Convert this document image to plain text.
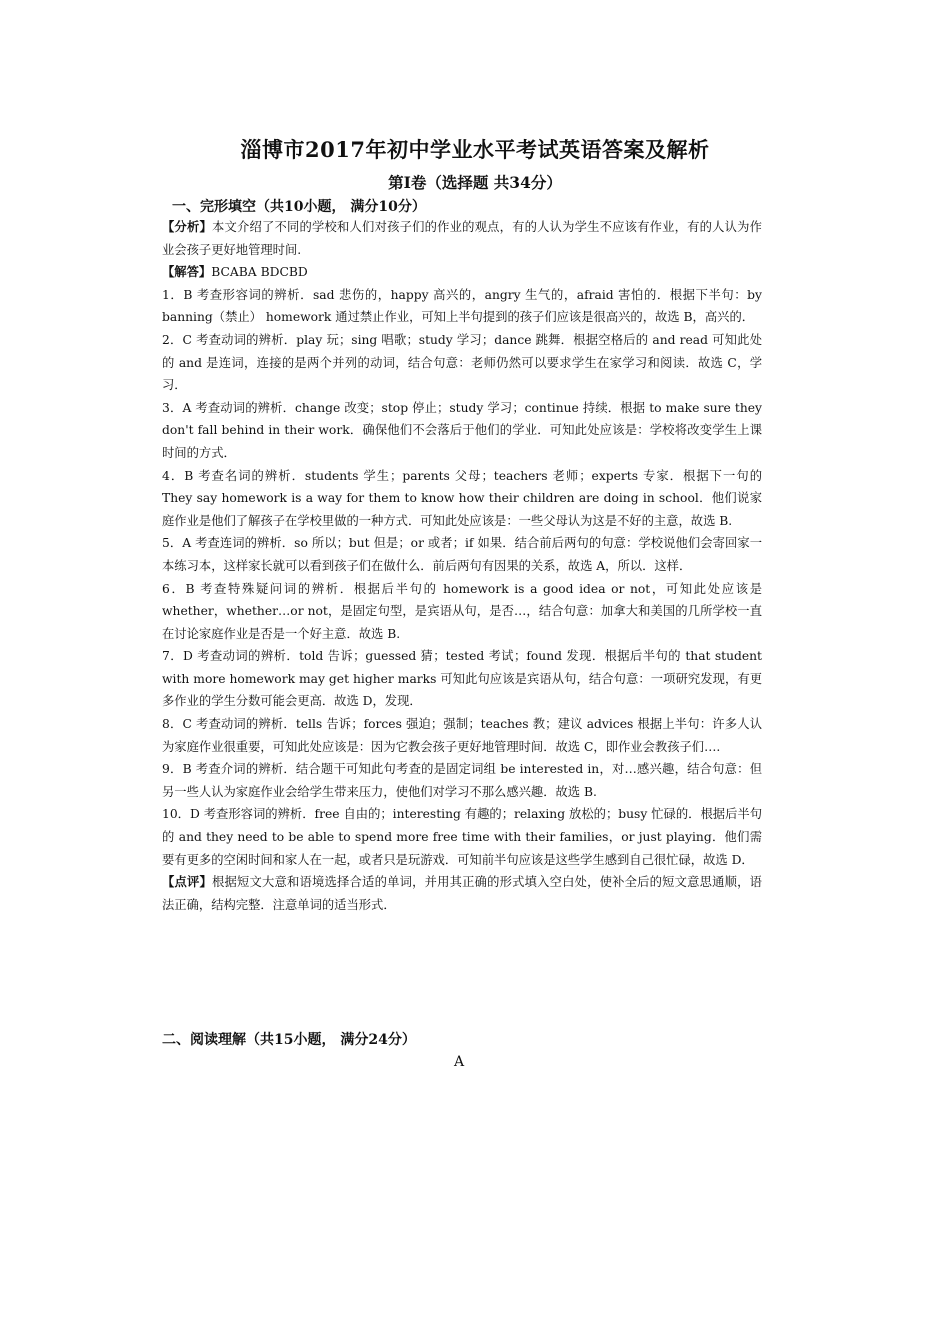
淄博市2017年初中学业水平考试英语答案及解析
第I卷（选择题 共34分）
一、完形填空（共10小题， 满分10分）

【分析】本文介绍了不同的学校和人们对孩子们的作业的观点，有的人认为学生不应该有作业，有的人认为作业会孩子更好地管理时间.

【解答】BCABA BDCBD

1．B 考查形容词的辨析．sad 悲伤的，happy 高兴的，angry 生气的，afraid 害怕的．根据下半句：by banning（禁止） homework 通过禁止作业，可知上半句提到的孩子们应该是很高兴的，故选 B，高兴的．

2．C 考查动词的辨析．play 玩；sing 唱歌；study 学习；dance 跳舞．根据空格后的 and read 可知此处的 and 是连词，连接的是两个并列的动词，结合句意：老师仍然可以要求学生在家学习和阅读．故选 C，学习．

3．A 考查动词的辨析．change 改变；stop 停止；study 学习；continue 持续．根据 to make sure they don't fall behind in their work．确保他们不会落后于他们的学业．可知此处应该是：学校将改变学生上课时间的方式．

4．B 考查名词的辨析．students 学生；parents 父母；teachers 老师；experts 专家．根据下一句的 They say homework is a way for them to know how their children are doing in school．他们说家庭作业是他们了解孩子在学校里做的一种方式．可知此处应该是：一些父母认为这是不好的主意，故选 B.

5．A 考查连词的辨析．so 所以；but 但是；or 或者；if 如果．结合前后两句的句意：学校说他们会寄回家一本练习本，这样家长就可以看到孩子们在做什么．前后两句有因果的关系，故选 A，所以．这样．

6．B 考查特殊疑问词的辨析．根据后半句的 homework is a good idea or not，可知此处应该是 whether，whether…or not，是固定句型，是宾语从句，是否…，结合句意：加拿大和美国的几所学校一直在讨论家庭作业是否是一个好主意．故选 B.

7．D 考查动词的辨析．told 告诉；guessed 猜；tested 考试；found 发现．根据后半句的 that student with more homework may get higher marks 可知此句应该是宾语从句，结合句意：一项研究发现，有更多作业的学生分数可能会更高．故选 D，发现．

8．C 考查动词的辨析．tells 告诉；forces 强迫；强制；teaches 教；建议 advices 根据上半句：许多人认为家庭作业很重要，可知此处应该是：因为它教会孩子更好地管理时间．故选 C，即作业会教孩子们….

9．B 考查介词的辨析．结合题干可知此句考查的是固定词组 be interested in，对…感兴趣，结合句意：但另一些人认为家庭作业会给学生带来压力，使他们对学习不那么感兴趣．故选 B.

10．D 考查形容词的辨析．free 自由的；interesting 有趣的；relaxing 放松的；busy 忙碌的．根据后半句的 and they need to be able to spend more free time with their families，or just playing．他们需要有更多的空闲时间和家人在一起，或者只是玩游戏．可知前半句应该是这些学生感到自己很忙碌，故选 D．

【点评】根据短文大意和语境选择合适的单词，并用其正确的形式填入空白处，使补全后的短文意思通顺，语法正确，结构完整．注意单词的适当形式．

二、阅读理解（共15小题， 满分24分）
A
